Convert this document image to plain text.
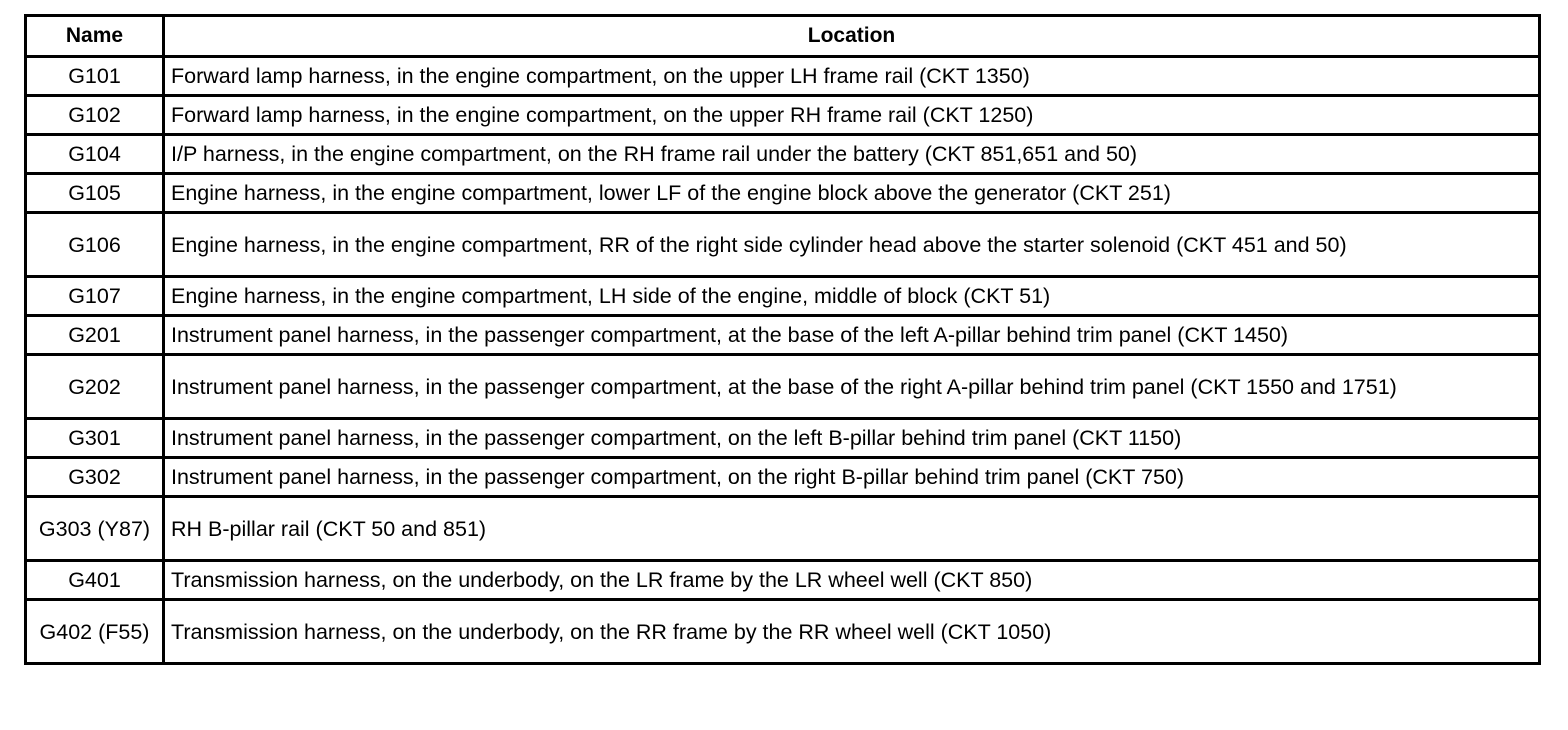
Name	Location

G101	Forward lamp harness, in the engine compartment, on the upper LH frame rail (CKT 1350)

G102	Forward lamp harness, in the engine compartment, on the upper RH frame rail (CKT 1250)

G104	I/P harness, in the engine compartment, on the RH frame rail under the battery (CKT 851,651 and 50)

G105	Engine harness, in the engine compartment, lower LF of the engine block above the generator (CKT 251)

G106	Engine harness, in the engine compartment, RR of the right side cylinder head above the starter solenoid (CKT 451 and 50)

G107	Engine harness, in the engine compartment, LH side of the engine, middle of block (CKT 51)

G201	Instrument panel harness, in the passenger compartment, at the base of the left A-pillar behind trim panel (CKT 1450)

G202	Instrument panel harness, in the passenger compartment, at the base of the right A-pillar behind trim panel (CKT 1550 and 1751)

G301	Instrument panel harness, in the passenger compartment, on the left B-pillar behind trim panel (CKT 1150)

G302	Instrument panel harness, in the passenger compartment, on the right B-pillar behind trim panel (CKT 750)

G303 (Y87)	RH B-pillar rail (CKT 50 and 851)

G401	Transmission harness, on the underbody, on the LR frame by the LR wheel well (CKT 850)

G402 (F55)	Transmission harness, on the underbody, on the RR frame by the RR wheel well (CKT 1050)
